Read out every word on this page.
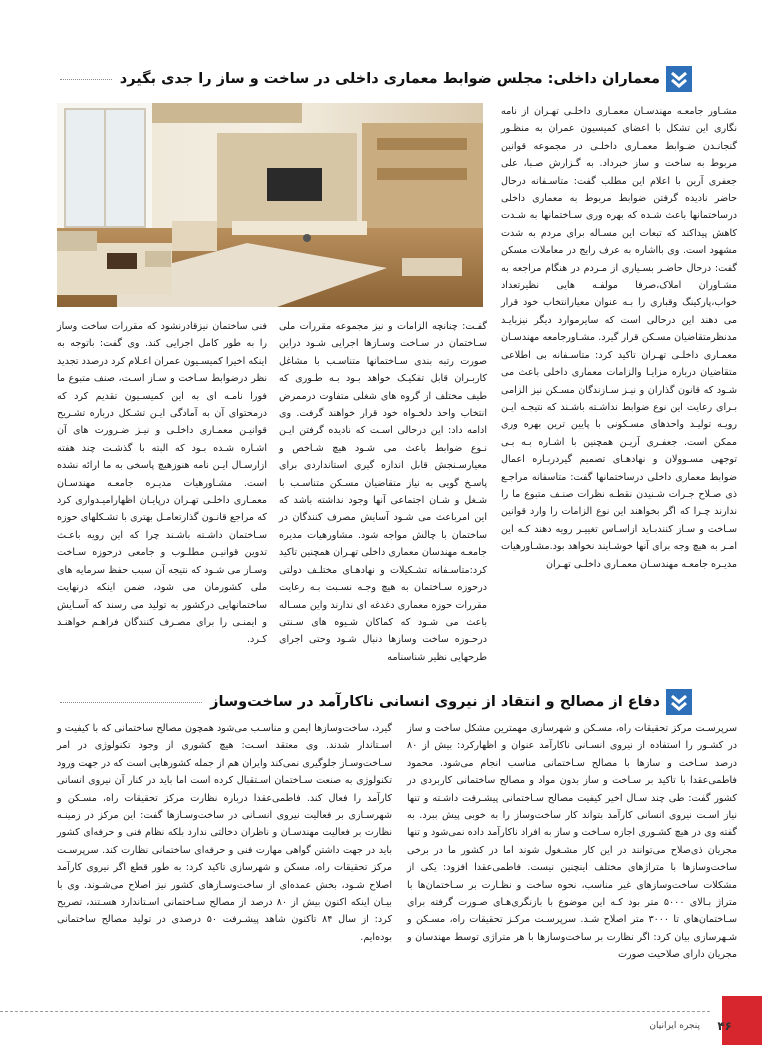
معماران داخلی: مجلس ضوابط معماری داخلی در ساخت و ساز را جدی بگیرد

مشـاور جامعـه مهندسـان معمـاری داخلـی تهـران از نامه نگاری این تشکل با اعضای کمیسیون عمران به منظـور گنجانـدن ضـوابط معمـاری داخلـی در مجموعه قوانین مربوط به ساخت و ساز خبرداد. به گـزارش صـبا، علی جعفری آرین با اعلام این مطلب گفت: متاسـفانه درحال حاضر نادیده گرفتن ضوابط مربوط به معماری داخلی درساختمانها باعث شـده که بهره وری سـاختمانها به شـدت کاهش پیداکند که تبعات این مسـاله برای مردم به شدت مشهود است. وی بااشاره به عرف رایج در معاملات مسکن گفت: درحال حاضـر بسـیاری از مـردم در هنگام مراجعه به مشـاوران املاک،صرفا مولفـه هایی نظیرتعداد خواب،پارکینگ وقباری را بـه عنوان معیارانتخاب خود قرار می دهند این درحالی است که سایرموارد دیگر نیزبایـد مدنظرمتقاضیان مسـکن قرار گیرد. مشـاورجامعه مهندسـان معمـاری داخلـی تهـران تاکید کرد: متاسـفانه بی اطلاعی متقاضیان درباره مزایـا والزامات معماری داخلی باعث می شـود که قانون گذاران و نیـز سـازندگان مسـکن نیز الزامی بـرای رعایت این نوع ضوابط نداشـته باشـند که نتیجـه ایـن رویـه تولیـد واحدهای مسـکونی با پایین ترین بهره وری ممکن است. جعفـری آریـن همچنین با اشـاره بـه بـی توجهی مسـوولان و نهادهـای تصمیم گیردربـاره اعمال ضوابط معماری داخلی درساختمانها گفت: متاسفانه مراجـع ذی صـلاح جـرات شـنیدن نقطـه نظرات صنـف متبوع ما را ندارند چـرا که اگر بخواهند این نوع الزامات را وارد قوانین سـاخت و سـاز کنندبـاید ازاسـاس تغییـر رویه دهند کـه این امـر به هیچ وجه برای آنها خوشـایند نخواهد بود.مشـاورهیات مدیـره جامعـه مهندسـان معمـاری داخلـی تهـران

گفـت: چنانچه الزامات و نیز مجموعه مقررات ملی سـاختمان در سـاخت وسـازها اجرایی شـود دراین صورت رتبه بندی سـاختمانها متناسـب با مشاغل کاربـران قابل تفکیـک خواهد بـود بـه طـوری که طیف مختلف از گروه های شغلی متفاوت درممرض انتخاب واحد دلخـواه خود قرار خواهند گرفت. وی ادامه داد: این درحالی اسـت که نادیده گرفتن ایـن نـوع ضوابط باعث می شـود هیچ شـاخص و معیارسـنجش قابل اندازه گیری استانداردی برای پاسـخ گویی به نیاز متقاضیان مسـکن متناسـب با شـغل و شـان اجتماعی آنها وجود نداشته باشد که این امرباعث می شـود آسایش مصرف کنندگان در ساختمان با چالش مواجه شود. مشاورهیات مدیره جامعـه مهندسان معماری داخلی تهـران همچنین تاکید کرد:متاسـفانه تشـکیلات و نهادهـای مختلـف دولتی درحوزه سـاختمان به هیچ وجـه نسـبت بـه رعایت مقررات حوزه معماری دغدغه ای ندارند واین مسـاله باعث می شـود که کماکان شـیوه های سـنتی درحـوزه ساخت وسازها دنبال شـود وحتی اجرای طرحهایی نظیر شناسنامه

فنی ساختمان نیزقادرنشود که مقررات ساخت وساز را به طور کامل اجرایی کند. وی گفت: باتوجه به اینکه اخیرا کمیسـیون عمران اعـلام کرد درصدد تجدید نظر درضوابط سـاخت و سـاز اسـت، صنف متبوع ما فورا نامـه ای به این کمیسـیون تقدیم کرد که درمحتوای آن به آمادگی ایـن تشـکل درباره تشـریح قوانیـن معمـاری داخلـی و نیـز ضـرورت های آن اشـاره شـده بـود که البته با گذشـت چند هفته ازارسـال ایـن نامه هنوزهیچ پاسخی به ما ارائه نشده است. مشـاورهیات مدیـره جامعـه مهندسـان معمـاری داخلـی تهـران درپایـان اظهارامیـدواری کرد که مراجع قانـون گذارتعامـل بهتری با تشـکلهای حوزه سـاختمان داشـته باشـند چرا که این رویه باعـث تدوین قوانیـن مطلـوب و جامعی درحوزه سـاخت وسـاز می شـود که نتیجه آن سبب حفظ سرمایه های ملی کشورمان می شود، ضمن اینکه درنهایت ساختمانهایی درکشور به تولید می رسند که آسـایش و ایمنـی را برای مصـرف کنندگان فراهـم خواهنـد کـرد.

دفاع از مصالح و انتقاد از نیروی انسانی ناکارآمد در ساخت‌وساز

سرپرسـت مرکز تحقیقات راه، مسـکن و شهرسازی مهمترین مشکل ساخت و ساز در کشـور را استفاده از نیروی انسـانی ناکارآمد عنوان و اظهارکرد: بیش از ۸۰ درصد سـاخت و سازها با مصالح سـاختمانی مناسب انجام می‌شود. محمود فاطمی‌عقدا با تاکید بر سـاخت و ساز بدون مواد و مصالح ساختمانی کاربردی در کشور گفت: طی چند سـال اخیر کیفیت مصالح سـاختمانی پیشـرفت داشـته و تنها نیاز اسـت نیروی انسانی کارآمد بتواند کار ساخت‌وساز را به خوبی پیش ببرد. به گفته وی در هیچ کشـوری اجازه سـاخت و ساز به افراد ناکارآمد داده نمی‌شود و تنها مجریان ذی‌صلاح می‌توانند در این کار مشـغول شوند اما در کشور ما در برخی ساخت‌وسازها با متراژهای مختلف اینچنین نیست. فاطمی‌عقدا افزود: یکی از مشکلات ساخت‌و‌سازهای غیر مناسب، نحوه ساخت و نظـارت بر سـاختمان‌ها با متراژ بـالای ۵۰۰۰ متر بود کـه این موضوع با بازنگری‌هـای صـورت گرفته برای سـاختمان‌های تا ۳۰۰۰ متر اصلاح شـد. سرپرسـت مرکـز تحقیقات راه، مسـکن و شـهرسازی بیان کرد: اگر نظارت بر ساخت‌وسازها با هر متراژی توسط مهندسان و مجریان دارای صلاحیت صورت

گیرد، ساخت‌وسازها ایمن و مناسـب می‌شود همچون مصالح ساختمانی که با کیفیت و اسـتاندار شدند. وی معتقد اسـت: هیچ کشوری از وجود تکنولوژی در امر سـاخت‌وسـاز جلوگیری نمی‌کند وایران هم از جمله کشورهایی است که در جهت ورود تکنولوژی به صنعت سـاختمان اسـتقبال کرده است اما باید در کنار آن نیروی انسانی کارآمد را فعال کند. فاطمی‌عقدا درباره نظارت مرکز تحقیقات راه، مسـکن و شهرسـازی بر فعالیت نیروی انسـانی در ساخت‌وسـازها گفت: این مرکز در زمینـه نظارت بر فعالیت مهندسـان و ناظران دخالتی ندارد بلکه نظام فنی و حرفه‌ای کشور باید در جهت داشتن گواهی مهارت فنی و حرفه‌ای ساختمانی نظارت کند. سرپرسـت مرکز تحقیقات راه، مسکن و شهرسازی تاکید کرد: به طور قطع اگر نیروی کارآمد اصلاح شـود، بخش عمده‌ای از ساخت‌وسـازهای کشور نیز اصلاح می‌شـوند. وی با بیـان اینکه اکنون بیش از ۸۰ درصد از مصالح سـاختمانی اسـتاندارد هسـتند، تصریح کرد: از سال ۸۴ تاکنون شاهد پیشـرفت ۵۰ درصدی در تولید مصالح ساختمانی بوده‌ایم.

۴۶
پنجره ایرانیان
